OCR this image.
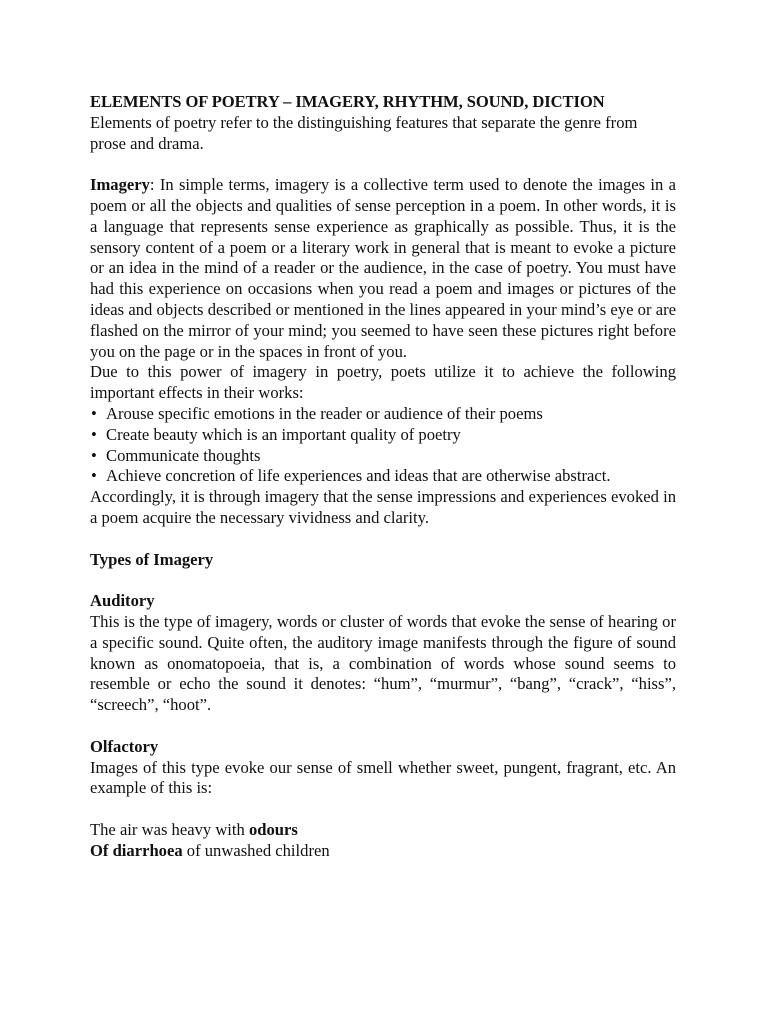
ELEMENTS OF POETRY – IMAGERY, RHYTHM, SOUND, DICTION

Elements of poetry refer to the distinguishing features that separate the genre from prose and drama.

Imagery: In simple terms, imagery is a collective term used to denote the images in a poem or all the objects and qualities of sense perception in a poem. In other words, it is a language that represents sense experience as graphically as possible. Thus, it is the sensory content of a poem or a literary work in general that is meant to evoke a picture or an idea in the mind of a reader or the audience, in the case of poetry. You must have had this experience on occasions when you read a poem and images or pictures of the ideas and objects described or mentioned in the lines appeared in your mind’s eye or are flashed on the mirror of your mind; you seemed to have seen these pictures right before you on the page or in the spaces in front of you.

Due to this power of imagery in poetry, poets utilize it to achieve the following important effects in their works:

• Arouse specific emotions in the reader or audience of their poems
• Create beauty which is an important quality of poetry
• Communicate thoughts
• Achieve concretion of life experiences and ideas that are otherwise abstract.

Accordingly, it is through imagery that the sense impressions and experiences evoked in a poem acquire the necessary vividness and clarity.

Types of Imagery

Auditory

This is the type of imagery, words or cluster of words that evoke the sense of hearing or a specific sound. Quite often, the auditory image manifests through the figure of sound known as onomatopoeia, that is, a combination of words whose sound seems to resemble or echo the sound it denotes: “hum”, “murmur”, “bang”, “crack”, “hiss”, “screech”, “hoot”.

Olfactory

Images of this type evoke our sense of smell whether sweet, pungent, fragrant, etc. An example of this is:

The air was heavy with odours

Of diarrhoea of unwashed children
